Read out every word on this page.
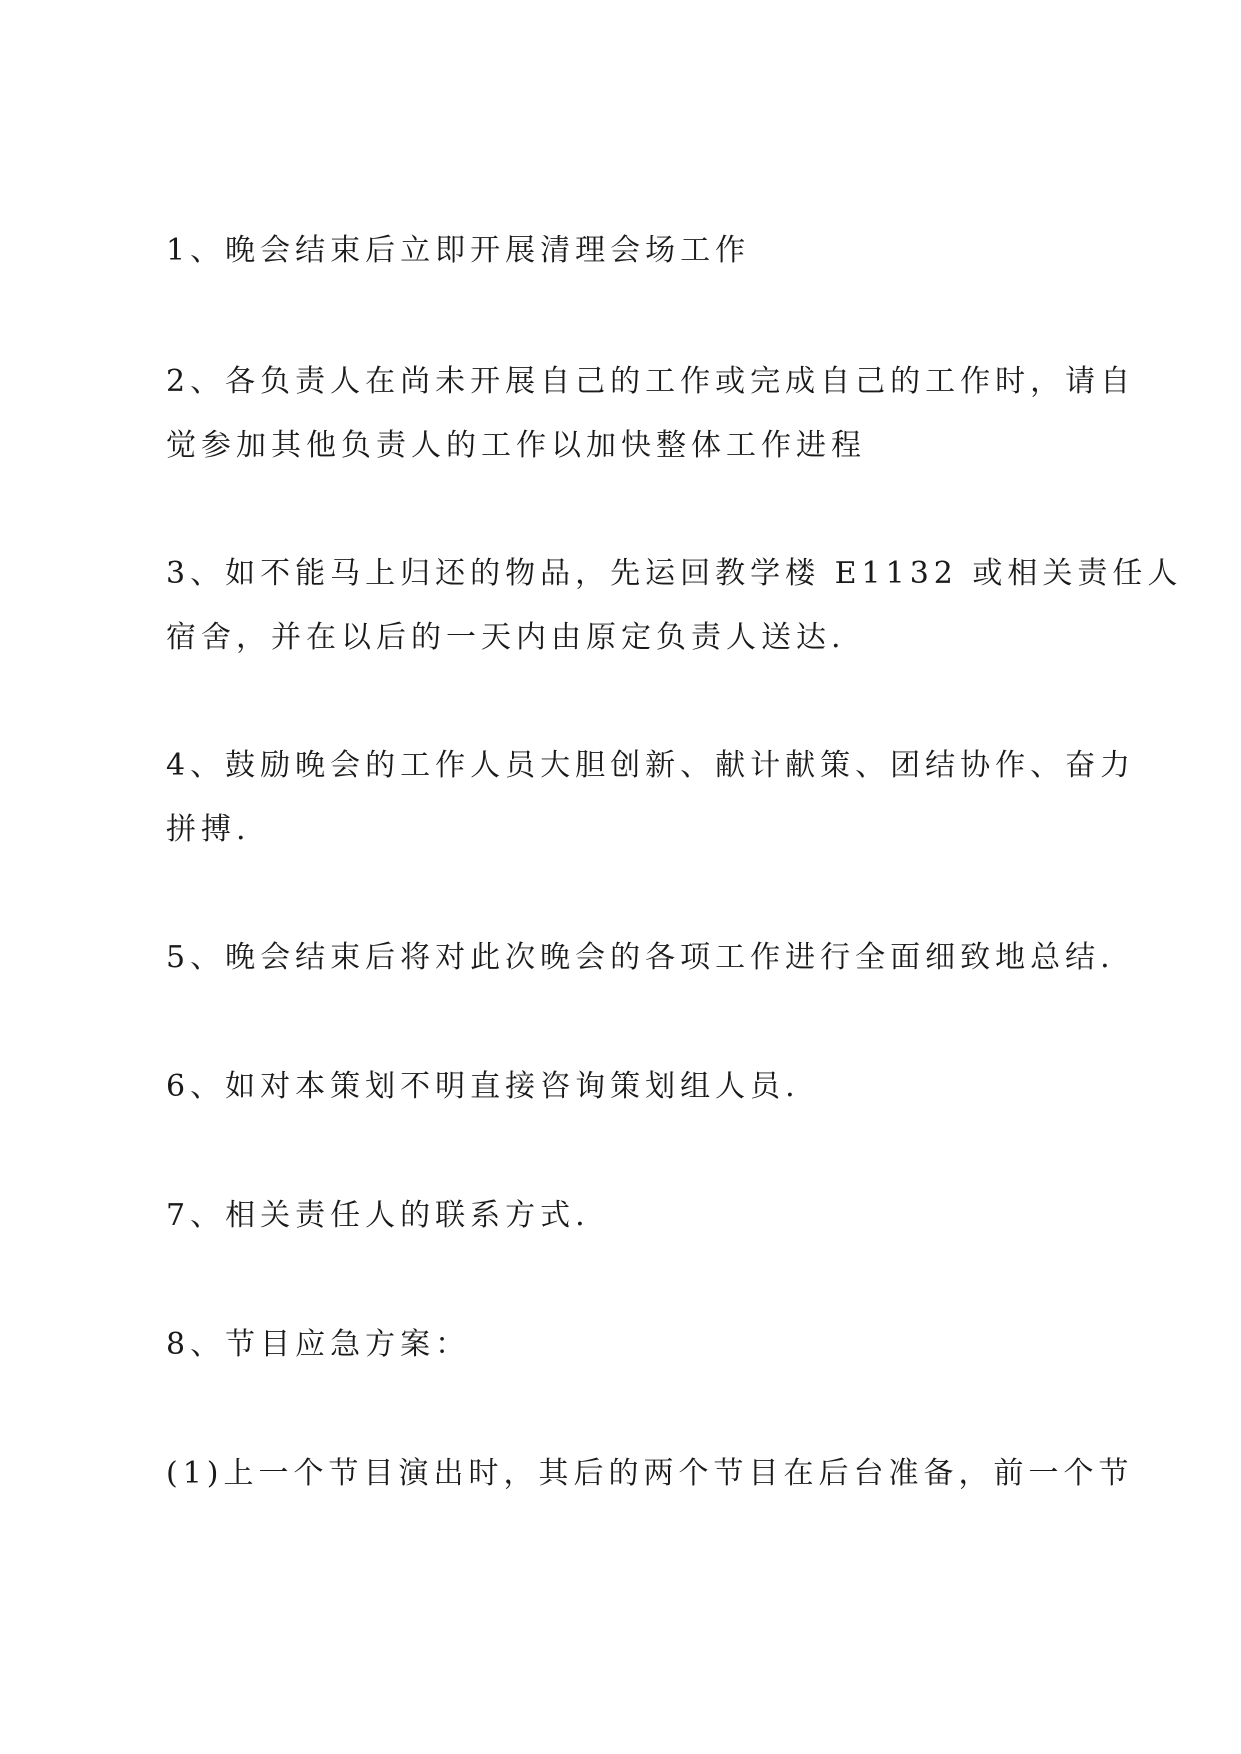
1、晚会结束后立即开展清理会场工作

2、各负责人在尚未开展自己的工作或完成自己的工作时，请自
觉参加其他负责人的工作以加快整体工作进程

3、如不能马上归还的物品，先运回教学楼 E1132 或相关责任人
宿舍，并在以后的一天内由原定负责人送达.

4、鼓励晚会的工作人员大胆创新、献计献策、团结协作、奋力
拼搏.

5、晚会结束后将对此次晚会的各项工作进行全面细致地总结.

6、如对本策划不明直接咨询策划组人员.

7、相关责任人的联系方式.

8、节目应急方案：

(1)上一个节目演出时，其后的两个节目在后台准备，前一个节
